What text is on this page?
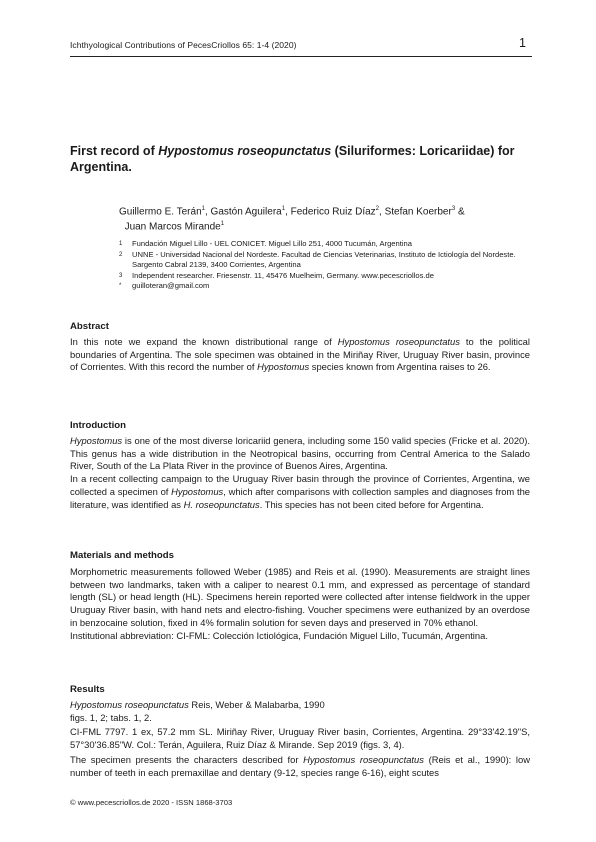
Ichthyological Contributions of PecesCriollos 65: 1-4 (2020)	1
First record of Hypostomus roseopunctatus (Siluriformes: Loricariidae) for Argentina.
Guillermo E. Terán$^1$, Gastón Aguilera$^1$, Federico Ruiz Díaz$^2$, Stefan Koerber$^3$ &
Juan Marcos Mirande$^1$
1 Fundación Miguel Lillo - UEL CONICET. Miguel Lillo 251, 4000 Tucumán, Argentina
2 UNNE - Universidad Nacional del Nordeste. Facultad de Ciencias Veterinarias, Instituto de Ictiología del Nordeste. Sargento Cabral 2139, 3400 Corrientes, Argentina
3 Independent researcher. Friesenstr. 11, 45476 Muelheim, Germany. www.pecescriollos.de
* guilloteran@gmail.com
Abstract

In this note we expand the known distributional range of Hypostomus roseopunctatus to the political boundaries of Argentina. The sole specimen was obtained in the Miriñay River, Uruguay River basin, province of Corrientes. With this record the number of Hypostomus species known from Argentina raises to 26.

Introduction

Hypostomus is one of the most diverse loricariid genera, including some 150 valid species (Fricke et al. 2020). This genus has a wide distribution in the Neotropical basins, occurring from Central America to the Salado River, South of the La Plata River in the province of Buenos Aires, Argentina.

In a recent collecting campaign to the Uruguay River basin through the province of Corrientes, Argentina, we collected a specimen of Hypostomus, which after comparisons with collection samples and diagnoses from the literature, was identified as H. roseopunctatus. This species has not been cited before for Argentina.

Materials and methods

Morphometric measurements followed Weber (1985) and Reis et al. (1990). Measurements are straight lines between two landmarks, taken with a caliper to nearest 0.1 mm, and expressed as percentage of standard length (SL) or head length (HL). Specimens herein reported were collected after intense fieldwork in the upper Uruguay River basin, with hand nets and electro-fishing. Voucher specimens were euthanized by an overdose in benzocaine solution, fixed in 4% formalin solution for seven days and preserved in 70% ethanol.

Institutional abbreviation: CI-FML: Colección Ictiológica, Fundación Miguel Lillo, Tucumán, Argentina.

Results

Hypostomus roseopunctatus Reis, Weber & Malabarba, 1990

figs. 1, 2; tabs. 1, 2.

CI-FML 7797. 1 ex, 57.2 mm SL. Miriñay River, Uruguay River basin, Corrientes, Argentina. 29°33'42.19"S, 57°30'36.85"W. Col.: Terán, Aguilera, Ruiz Díaz & Mirande. Sep 2019 (figs. 3, 4).

The specimen presents the characters described for Hypostomus roseopunctatus (Reis et al., 1990): low number of teeth in each premaxillae and dentary (9-12, species range 6-16), eight scutes

© www.pecescriollos.de 2020 - ISSN 1868-3703
